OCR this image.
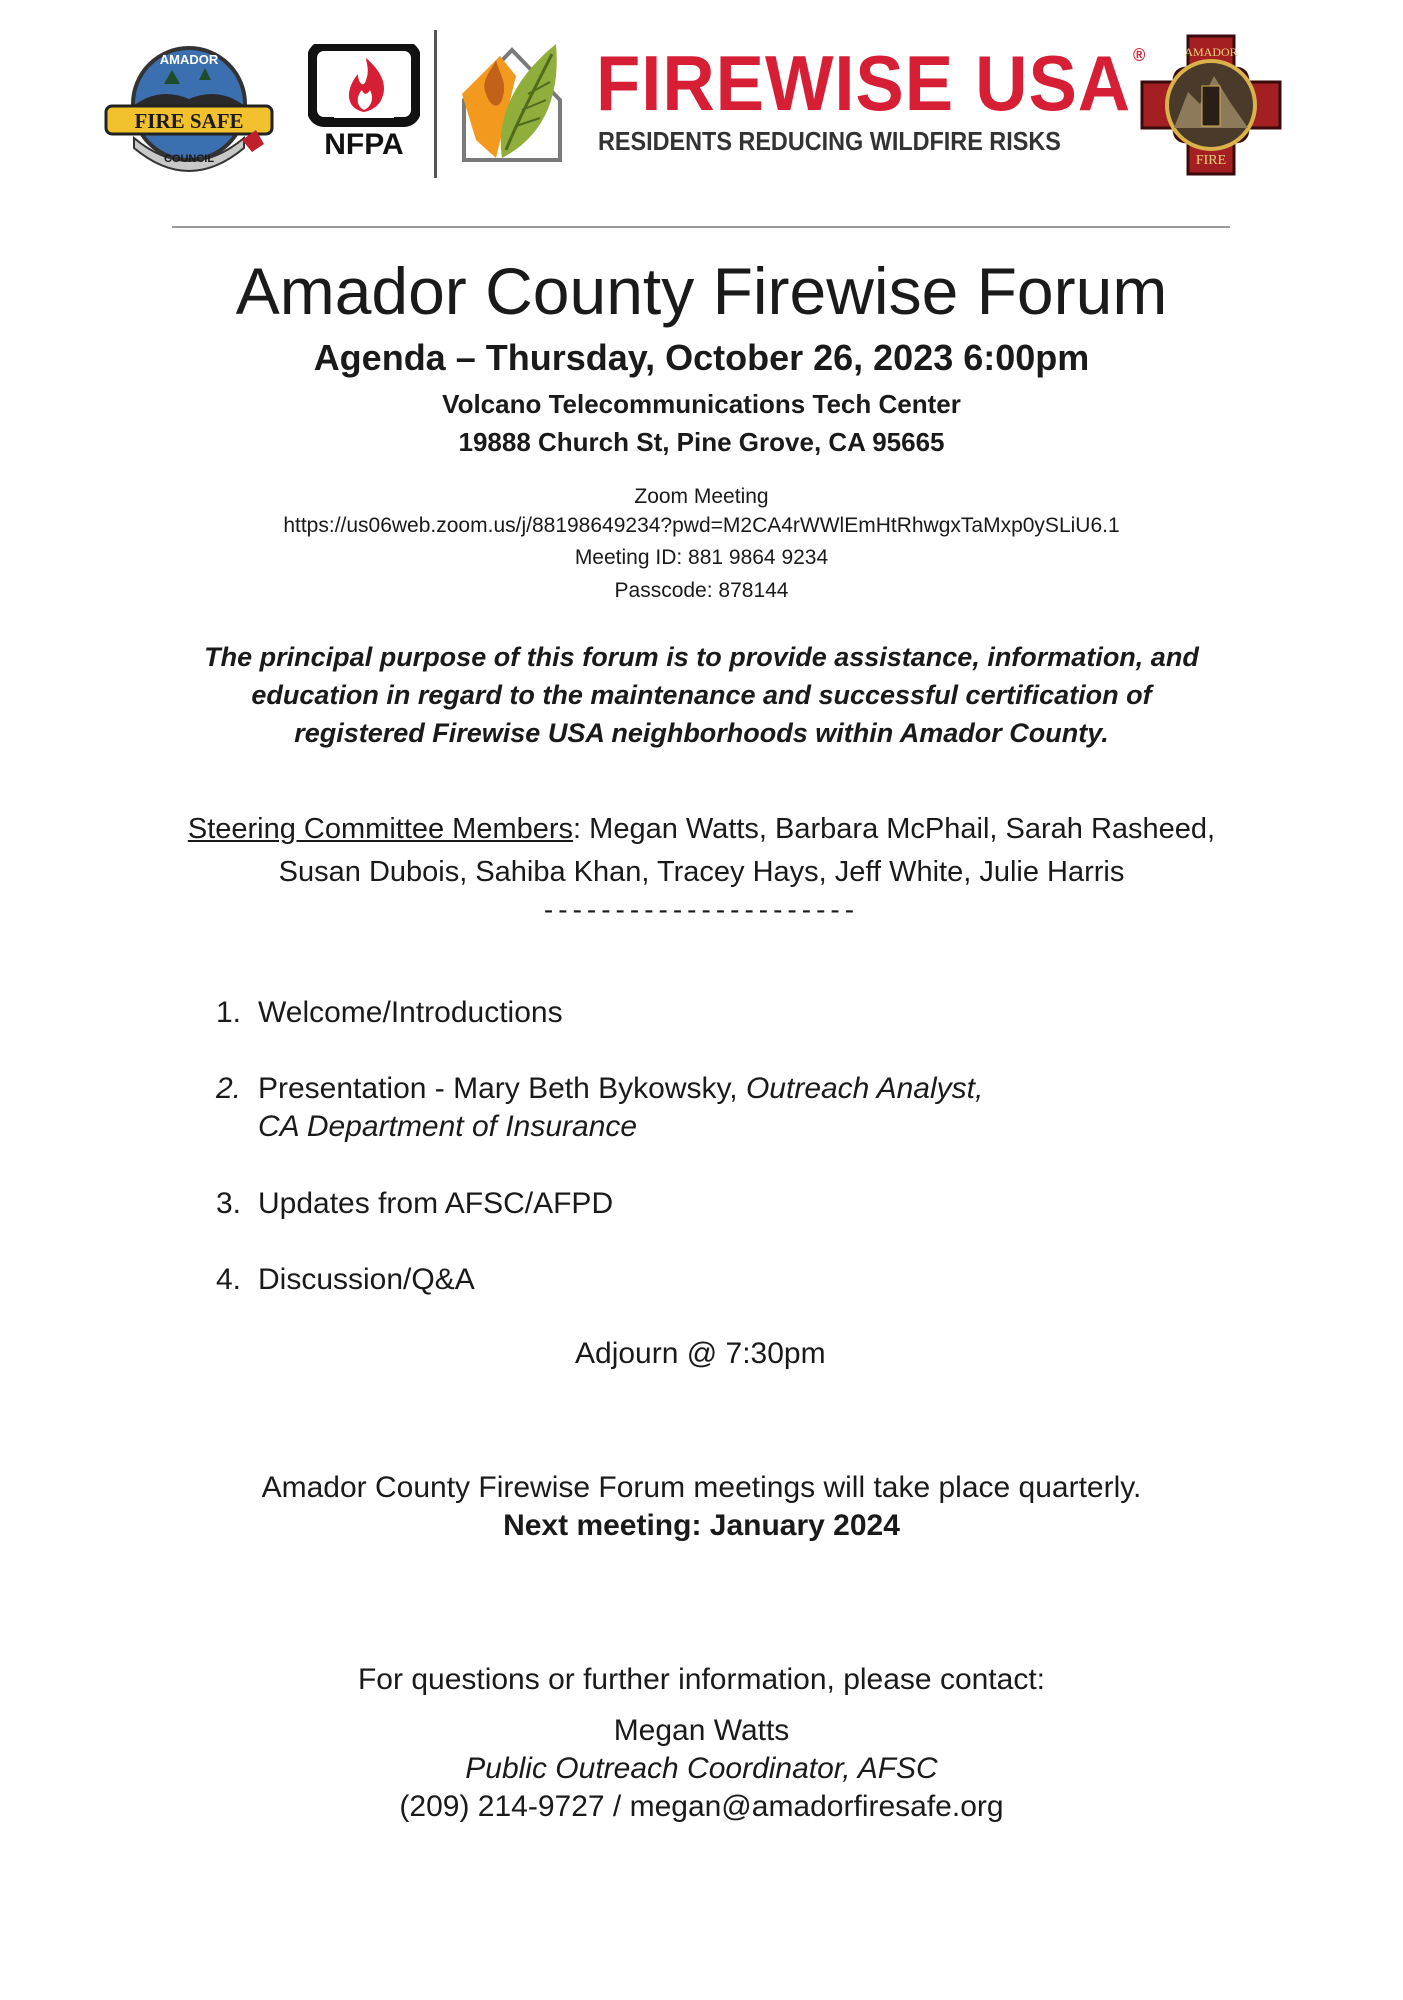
FIRE SAFE
AMADOR
COUNCIL	NFPA
FIREWISE USA ®
RESIDENTS REDUCING WILDFIRE RISKS
AMADOR
FIRE
Amador County Firewise Forum
Agenda – Thursday, October 26, 2023 6:00pm
Volcano Telecommunications Tech Center
19888 Church St, Pine Grove, CA 95665
Zoom Meeting
https://us06web.zoom.us/j/88198649234?pwd=M2CA4rWWlEmHtRhwgxTaMxp0ySLiU6.1
Meeting ID: 881 9864 9234
Passcode: 878144
The principal purpose of this forum is to provide assistance, information, and
education in regard to the maintenance and successful certification of
registered Firewise USA neighborhoods within Amador County.
Steering Committee Members: Megan Watts, Barbara McPhail, Sarah Rasheed,
Susan Dubois, Sahiba Khan, Tracey Hays, Jeff White, Julie Harris
----------------------
1. Welcome/Introductions
2. Presentation - Mary Beth Bykowsky, Outreach Analyst,
CA Department of Insurance
3. Updates from AFSC/AFPD
4. Discussion/Q&A
Adjourn @ 7:30pm
Amador County Firewise Forum meetings will take place quarterly.
Next meeting: January 2024
For questions or further information, please contact:
Megan Watts
Public Outreach Coordinator, AFSC
(209) 214-9727 / megan@amadorfiresafe.org
